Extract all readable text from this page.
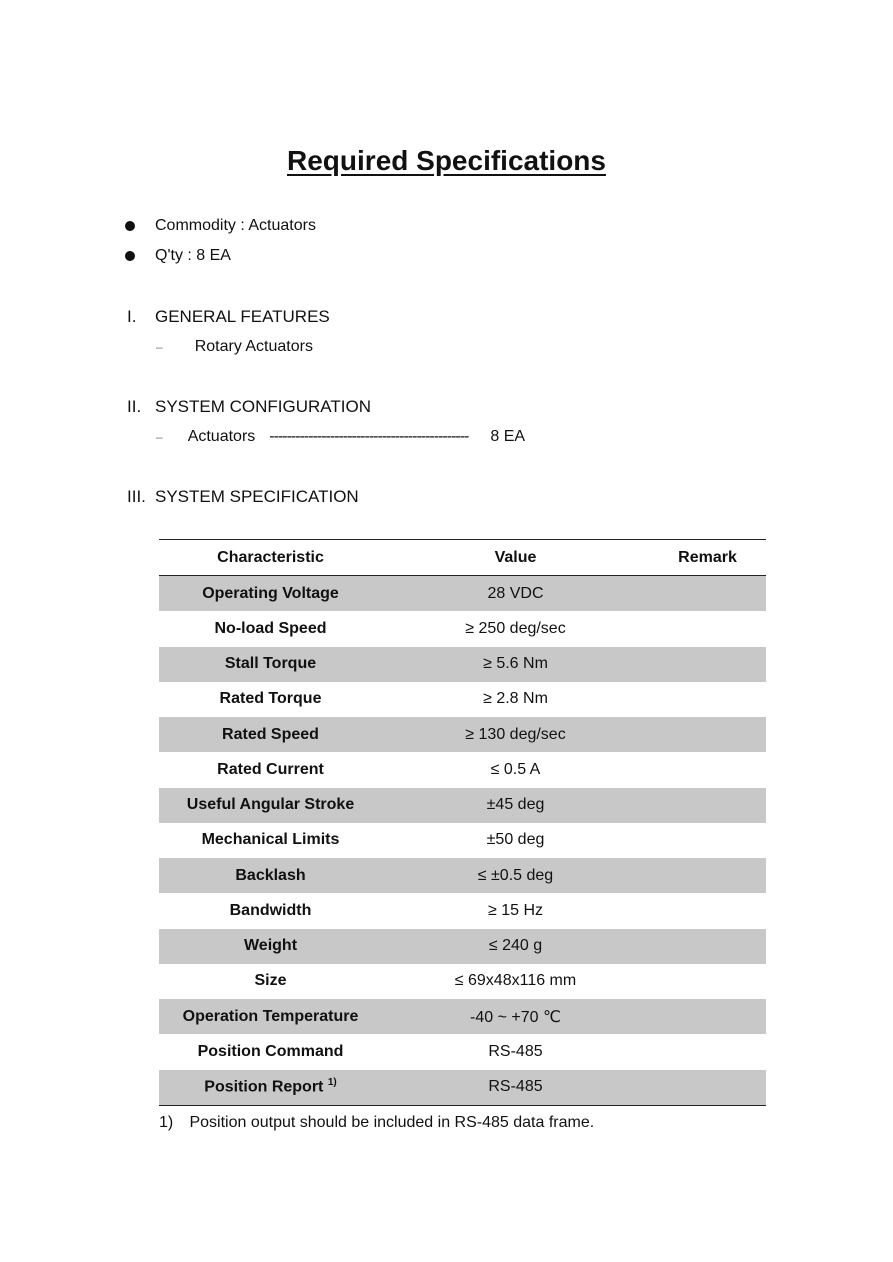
Required Specifications
Commodity : Actuators
Q'ty : 8 EA
I.	GENERAL FEATURES
– Rotary Actuators
II. SYSTEM CONFIGURATION
– Actuators ---------------------------------------------- 8 EA
III. SYSTEM SPECIFICATION
Characteristic	Value	Remark
Operating Voltage	28 VDC	
No-load Speed	≥ 250 deg/sec	
Stall Torque	≥ 5.6 Nm	
Rated Torque	≥ 2.8 Nm	
Rated Speed	≥ 130 deg/sec	
Rated Current	≤ 0.5 A	
Useful Angular Stroke	±45 deg	
Mechanical Limits	±50 deg	
Backlash	≤ ±0.5 deg	
Bandwidth	≥ 15 Hz	
Weight	≤ 240 g	
Size	≤ 69x48x116 mm	
Operation Temperature	-40 ~ +70 ℃	
Position Command	RS-485	
Position Report $^{1)}$	RS-485	
1) Position output should be included in RS-485 data frame.
